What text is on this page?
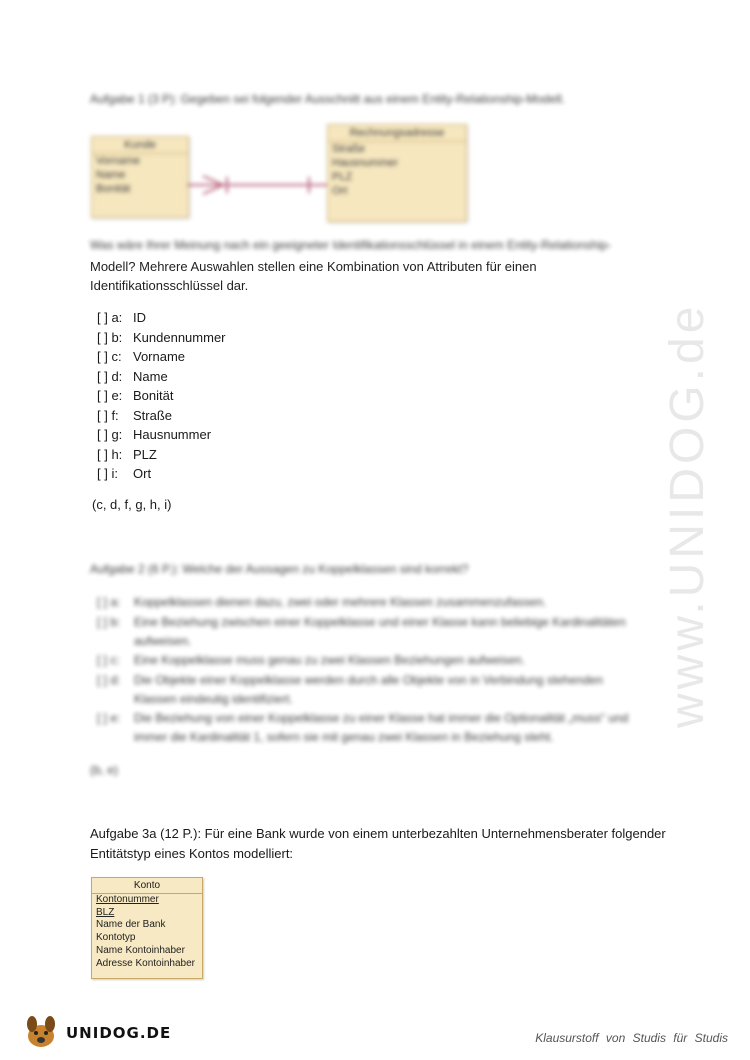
www.UNIDOG.de
Aufgabe 1 (3 P): Gegeben sei folgender Ausschnitt aus einem Entity-Relationship-Modell.
Kunde
Vorname
Name
Bonität
Rechnungsadresse
Straße
Hausnummer
PLZ
Ort
Was wäre Ihrer Meinung nach ein geeigneter Identifikationsschlüssel in einem Entity-Relationship-
Modell? Mehrere Auswahlen stellen eine Kombination von Attributen für einen
Identifikationsschlüssel dar.
[ ] a: ID
[ ] b: Kundennummer
[ ] c: Vorname
[ ] d: Name
[ ] e: Bonität
[ ] f: Straße
[ ] g: Hausnummer
[ ] h: PLZ
[ ] i: Ort
(c, d, f, g, h, i)
Aufgabe 2 (6 P.): Welche der Aussagen zu Koppelklassen sind korrekt?
[ ] a: Koppelklassen dienen dazu, zwei oder mehrere Klassen zusammenzufassen.
[ ] b: Eine Beziehung zwischen einer Koppelklasse und einer Klasse kann beliebige Kardinalitäten
aufweisen.
[ ] c: Eine Koppelklasse muss genau zu zwei Klassen Beziehungen aufweisen.
[ ] d: Die Objekte einer Koppelklasse werden durch alle Objekte von in Verbindung stehenden
Klassen eindeutig identifiziert.
[ ] e: Die Beziehung von einer Koppelklasse zu einer Klasse hat immer die Optionalität „muss“ und
immer die Kardinalität 1, sofern sie mit genau zwei Klassen in Beziehung steht.
(b, e)
Aufgabe 3a (12 P.): Für eine Bank wurde von einem unterbezahlten Unternehmensberater folgender
Entitätstyp eines Kontos modelliert:
Konto
Kontonummer
BLZ
Name der Bank
Kontotyp
Name Kontoinhaber
Adresse Kontoinhaber
UNIDOG.DE	Klausurstoff von Studis für Studis
